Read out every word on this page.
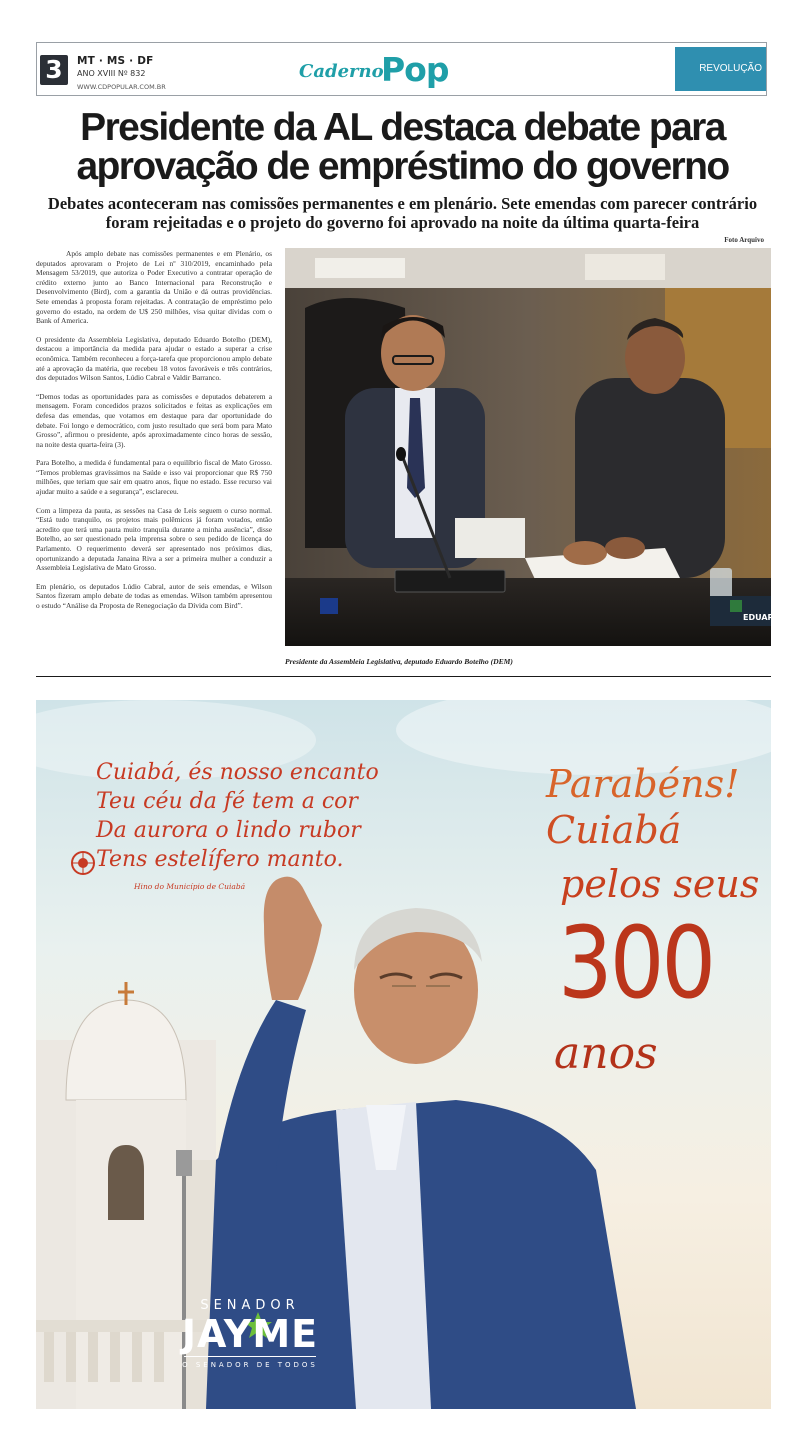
3	MT · MS · DF
ANO XVIII Nº 832
WWW.CDPOPULAR.COM.BR
Caderno
Pop	REVOLUÇÃO
Presidente da AL destaca debate para aprovação de empréstimo do governo
Debates aconteceram nas comissões permanentes e em plenário. Sete emendas com parecer contrário foram rejeitadas e o projeto do governo foi aprovado na noite da última quarta-feira
Foto Arquivo

Após amplo debate nas comissões permanentes e em Plenário, os deputados aprovaram o Projeto de Lei nº 310/2019, encaminhado pela Mensagem 53/2019, que autoriza o Poder Executivo a contratar operação de crédito externo junto ao Banco Internacional para Reconstrução e Desenvolvimento (Bird), com a garantia da União e dá outras providências. Sete emendas à proposta foram rejeitadas. A contratação de empréstimo pelo governo do estado, na ordem de U$ 250 milhões, visa quitar dívidas com o Bank of America.

O presidente da Assembleia Legislativa, deputado Eduardo Botelho (DEM), destacou a importância da medida para ajudar o estado a superar a crise econômica. Também reconheceu a força-tarefa que proporcionou amplo debate até a aprovação da matéria, que recebeu 18 votos favoráveis e três contrários, dos deputados Wilson Santos, Lúdio Cabral e Valdir Barranco.

“Demos todas as oportunidades para as comissões e deputados debaterem a mensagem. Foram concedidos prazos solicitados e feitas as explicações em defesa das emendas, que votamos em destaque para dar oportunidade do debate. Foi longo e democrático, com justo resultado que será bom para Mato Grosso”, afirmou o presidente, após aproximadamente cinco horas de sessão, na noite desta quarta-feira (3).

Para Botelho, a medida é fundamental para o equilíbrio fiscal de Mato Grosso. “Temos problemas gravíssimos na Saúde e isso vai proporcionar que R$ 750 milhões, que teriam que sair em quatro anos, fique no estado. Esse recurso vai ajudar muito a saúde e a segurança”, esclareceu.

Com a limpeza da pauta, as sessões na Casa de Leis seguem o curso normal. “Está tudo tranquilo, os projetos mais polêmicos já foram votados, então acredito que terá uma pauta muito tranquila durante a minha ausência”, disse Botelho, ao ser questionado pela imprensa sobre o seu pedido de licença do Parlamento. O requerimento deverá ser apresentado nos próximos dias, oportunizando a deputada Janaina Riva a ser a primeira mulher a conduzir a Assembleia Legislativa de Mato Grosso.

Em plenário, os deputados Lúdio Cabral, autor de seis emendas, e Wilson Santos fizeram amplo debate de todas as emendas. Wilson também apresentou o estudo “Análise da Proposta de Renegociação da Dívida com Bird”.

EDUARD
Presidente da Assembleia Legislativa, deputado Eduardo Botelho (DEM)
Cuiabá, és nosso encanto
Teu céu da fé tem a cor
Da aurora o lindo rubor
Tens estelífero manto.
Hino do Município de Cuiabá
Parabéns!
Cuiabá
pelos seus
300
anos
SENADOR
JAYME
O SENADOR DE TODOS
